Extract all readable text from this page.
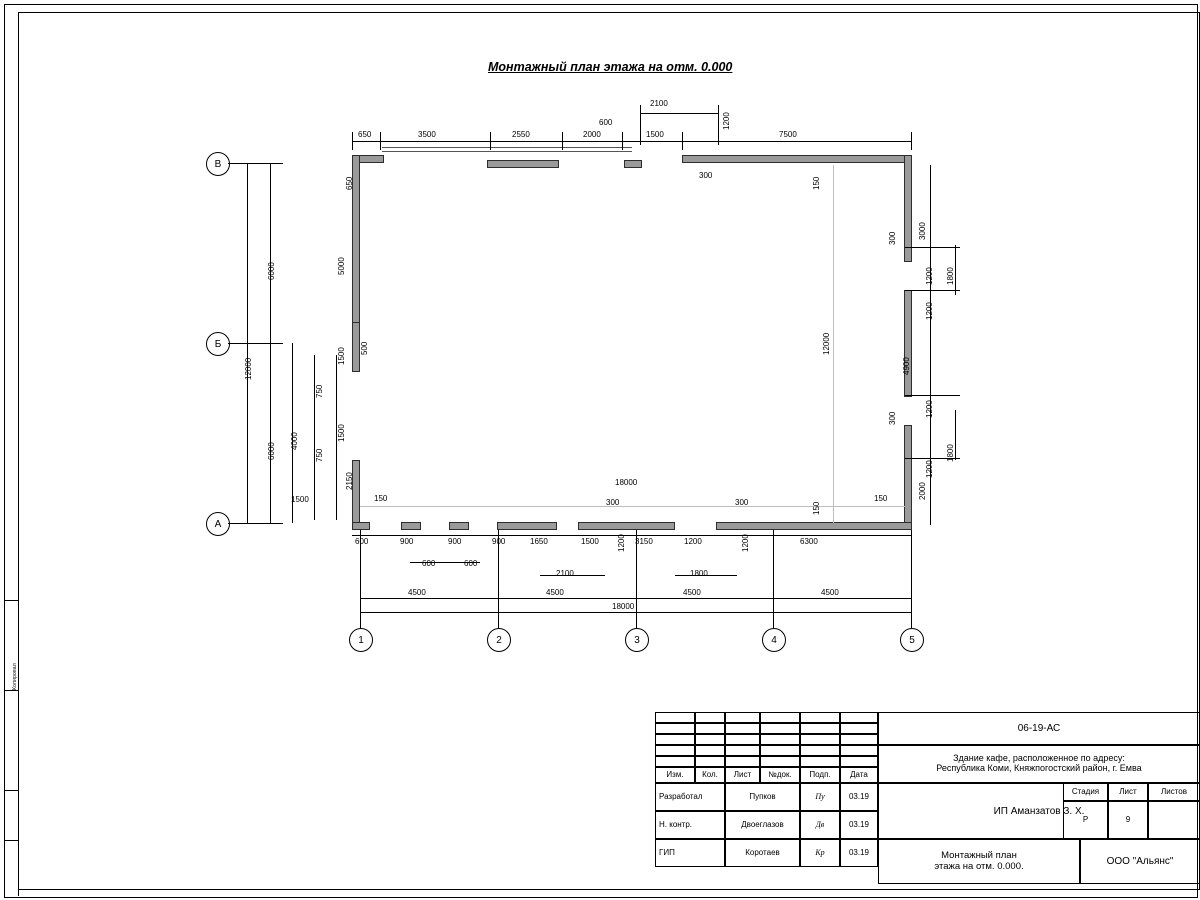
Копировал
Монтажный план этажа на отм. 0.000
В
Б
А
1	2	3	4	5
650	3500	2550	2000	1500	7500
2100
600	1200
300
150
650
6000
6000
12000
5000
4000
1500 500
750
1500
750
1500
2150
3000
1800
1200
1200
4900
300
300
1200
1800
1200
2000
150
12000
600	900	900	900	1650	1500 1200 3150	1200	1200	6300
600	600
2100	1800
300	300
150	150
4500	4500	4500	4500
18000
18000
Изм.	Кол.	Лист	№док.	Подп.	Дата
Разработал	Пупков	Пу	03.19
Н. контр.	Двоеглазов	Дв	03.19
ГИП	Коротаев	Кр	03.19
06-19-АС
Здание кафе, расположенное по адресу:
Республика Коми, Княжпогостский район, г. Емва
ИП Аманзатов З. Х.
Монтажный план
этажа на отм. 0.000.	ООО "Альянс"
Стадия	Лист	Листов
Р	9
